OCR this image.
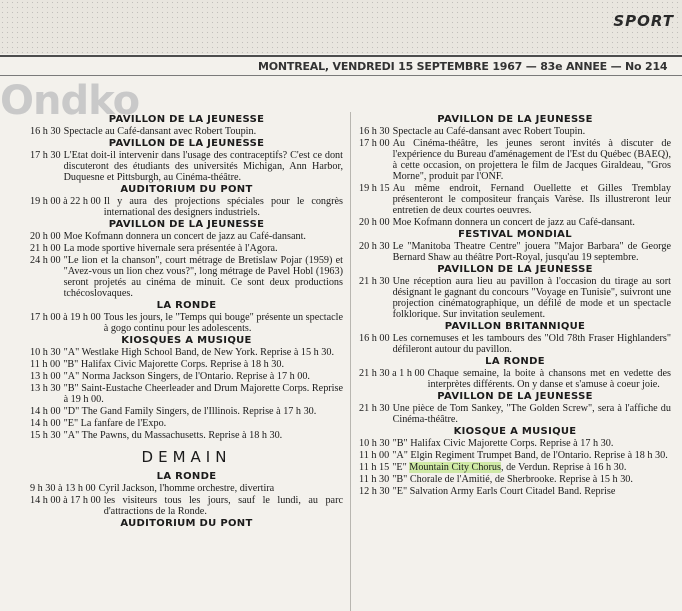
SPORT
MONTREAL, VENDREDI 15 SEPTEMBRE 1967 — 83e ANNEE — No 214
Ondko
PAVILLON DE LA JEUNESSE
16 h 30 Spectacle au Café-dansant avec Robert Toupin.
PAVILLON DE LA JEUNESSE
17 h 30 L'Etat doit-il intervenir dans l'usage des contraceptifs? C'est ce dont discuteront des étudiants des universités Michigan, Ann Harbor, Duquesne et Pittsburgh, au Cinéma-théâtre.
AUDITORIUM DU PONT
19 h 00 à 22 h 00 Il y aura des projections spéciales pour le congrès international des designers industriels.
PAVILLON DE LA JEUNESSE
20 h 00 Moe Kofmann donnera un concert de jazz au Café-dansant.
21 h 00 La mode sportive hivernale sera présentée à l'Agora.
24 h 00 "Le lion et la chanson", court métrage de Bretislaw Pojar (1959) et "Avez-vous un lion chez vous?", long métrage de Pavel Hobl (1963) seront projetés au cinéma de minuit. Ce sont deux productions tchécoslovaques.
LA RONDE
17 h 00 à 19 h 00 Tous les jours, le "Temps qui bouge" présente un spectacle à gogo continu pour les adolescents.
KIOSQUES A MUSIQUE
10 h 30 "A" Westlake High School Band, de New York. Reprise à 15 h 30.
11 h 00 "B" Halifax Civic Majorette Corps. Reprise à 18 h 30.
13 h 00 "A" Norma Jackson Singers, de l'Ontario. Reprise à 17 h 00.
13 h 30 "B" Saint-Eustache Cheerleader and Drum Majorette Corps. Reprise à 19 h 00.
14 h 00 "D" The Gand Family Singers, de l'Illinois. Reprise à 17 h 30.
14 h 00 "E" La fanfare de l'Expo.
15 h 30 "A" The Pawns, du Massachusetts. Reprise à 18 h 30.
DEMAIN
LA RONDE
9 h 30 à 13 h 00 Cyril Jackson, l'homme orchestre, divertira
14 h 00 à 17 h 00 les visiteurs tous les jours, sauf le lundi, au parc d'attractions de la Ronde.
AUDITORIUM DU PONT
PAVILLON DE LA JEUNESSE
16 h 30 Spectacle au Café-dansant avec Robert Toupin.
17 h 00 Au Cinéma-théâtre, les jeunes seront invités à discuter de l'expérience du Bureau d'aménagement de l'Est du Québec (BAEQ), à cette occasion, on projettera le film de Jacques Giraldeau, "Gros Morne", produit par l'ONF.
19 h 15 Au même endroit, Fernand Ouellette et Gilles Tremblay présenteront le compositeur français Varèse. Ils illustreront leur entretien de deux courtes oeuvres.
20 h 00 Moe Kofmann donnera un concert de jazz au Café-dansant.
FESTIVAL MONDIAL
20 h 30 Le "Manitoba Theatre Centre" jouera "Major Barbara" de George Bernard Shaw au théâtre Port-Royal, jusqu'au 19 septembre.
PAVILLON DE LA JEUNESSE
21 h 30 Une réception aura lieu au pavillon à l'occasion du tirage au sort désignant le gagnant du concours "Voyage en Tunisie", suivront une projection cinématographique, un défilé de mode et un spectacle folklorique. Sur invitation seulement.
PAVILLON BRITANNIQUE
16 h 00 Les cornemuses et les tambours des "Old 78th Fraser Highlanders" défileront autour du pavillon.
LA RONDE
21 h 30 a 1 h 00 Chaque semaine, la boite à chansons met en vedette des interprètes différents. On y danse et s'amuse à coeur joie.
PAVILLON DE LA JEUNESSE
21 h 30 Une pièce de Tom Sankey, "The Golden Screw", sera à l'affiche du Cinéma-théâtre.
KIOSQUE A MUSIQUE
10 h 30 "B" Halifax Civic Majorette Corps. Reprise à 17 h 30.
11 h 00 "A" Elgin Regiment Trumpet Band, de l'Ontario. Reprise à 18 h 30.
11 h 15 "E" Mountain City Chorus, de Verdun. Reprise à 16 h 30.
11 h 30 "B" Chorale de l'Amitié, de Sherbrooke. Reprise à 15 h 30.
12 h 30 "E" Salvation Army Earls Court Citadel Band. Reprise
